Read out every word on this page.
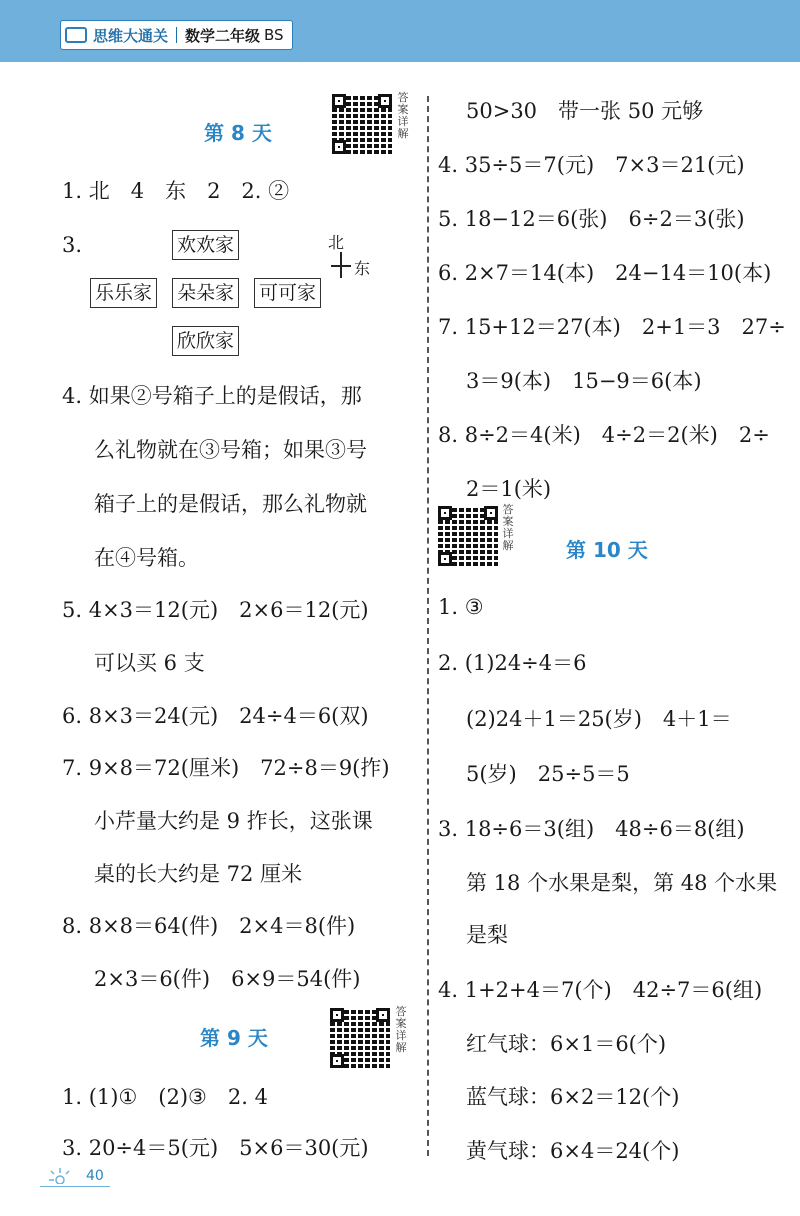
思维大通关 数学二年级 BS
第 8 天
答案详解
1. 北　4　东　2　2. ②
3.	欢欢家
乐乐家 朵朵家 可可家
欣欣家
北
东
4. 如果②号箱子上的是假话，那
么礼物就在③号箱；如果③号
箱子上的是假话，那么礼物就
在④号箱。
5. 4×3＝12(元)　2×6＝12(元)
可以买 6 支
6. 8×3＝24(元)　24÷4＝6(双)
7. 9×8＝72(厘米)　72÷8＝9(拃)
小芹量大约是 9 拃长，这张课
桌的长大约是 72 厘米
8. 8×8＝64(件)　2×4＝8(件)
2×3＝6(件)　6×9＝54(件)
第 9 天
答案详解
1. (1)①　(2)③　2. 4
3. 20÷4＝5(元)　5×6＝30(元)
50>30　带一张 50 元够
4. 35÷5＝7(元)　7×3＝21(元)
5. 18−12＝6(张)　6÷2＝3(张)
6. 2×7＝14(本)　24−14＝10(本)
7. 15+12＝27(本)　2+1＝3　27÷
3＝9(本)　15−9＝6(本)
8. 8÷2＝4(米)　4÷2＝2(米)　2÷
2＝1(米)
答案详解	第 10 天
1. ③
2. (1)24÷4＝6
(2)24＋1＝25(岁)　4＋1＝
5(岁)　25÷5＝5
3. 18÷6＝3(组)　48÷6＝8(组)
第 18 个水果是梨，第 48 个水果
是梨
4. 1+2+4＝7(个)　42÷7＝6(组)
红气球：6×1＝6(个)
蓝气球：6×2＝12(个)
黄气球：6×4＝24(个)
40
